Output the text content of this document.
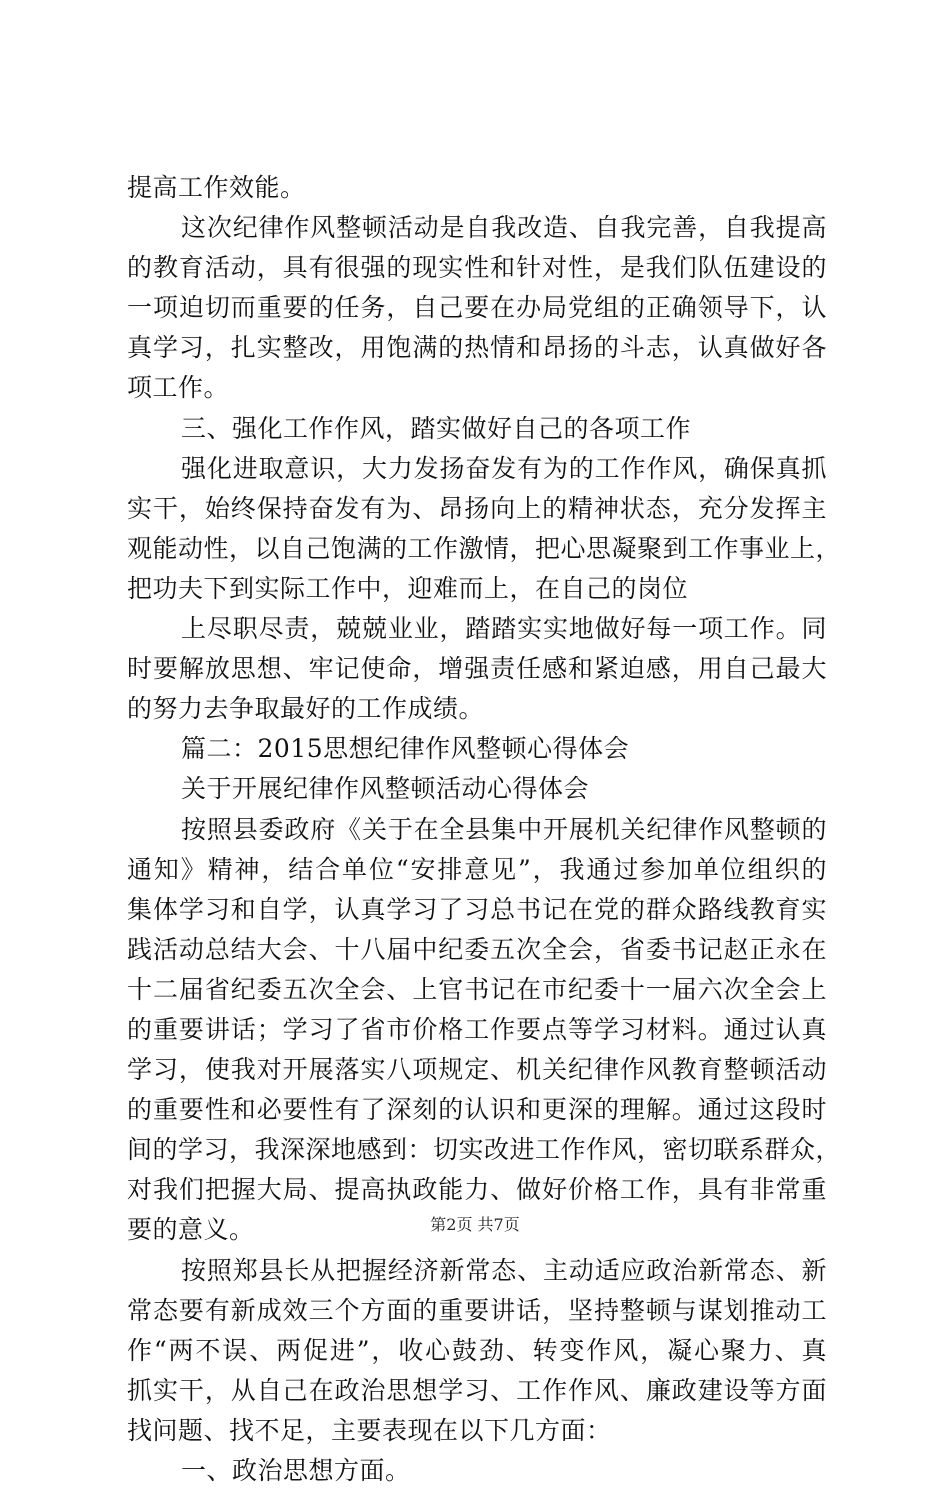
提高工作效能。
这次纪律作风整顿活动是自我改造、自我完善，自我提高
的教育活动，具有很强的现实性和针对性，是我们队伍建设的
一项迫切而重要的任务，自己要在办局党组的正确领导下，认
真学习，扎实整改，用饱满的热情和昂扬的斗志，认真做好各
项工作。
三、强化工作作风，踏实做好自己的各项工作
强化进取意识，大力发扬奋发有为的工作作风，确保真抓
实干，始终保持奋发有为、昂扬向上的精神状态，充分发挥主
观能动性，以自己饱满的工作激情，把心思凝聚到工作事业上，
把功夫下到实际工作中，迎难而上，在自己的岗位
上尽职尽责，兢兢业业，踏踏实实地做好每一项工作。同
时要解放思想、牢记使命，增强责任感和紧迫感，用自己最大
的努力去争取最好的工作成绩。
篇二：2015思想纪律作风整顿心得体会
关于开展纪律作风整顿活动心得体会
按照县委政府《关于在全县集中开展机关纪律作风整顿的
通知》精神，结合单位“安排意见”，我通过参加单位组织的
集体学习和自学，认真学习了习总书记在党的群众路线教育实
践活动总结大会、十八届中纪委五次全会，省委书记赵正永在
十二届省纪委五次全会、上官书记在市纪委十一届六次全会上
的重要讲话；学习了省市价格工作要点等学习材料。通过认真
学习，使我对开展落实八项规定、机关纪律作风教育整顿活动
的重要性和必要性有了深刻的认识和更深的理解。通过这段时
间的学习，我深深地感到：切实改进工作作风，密切联系群众，
对我们把握大局、提高执政能力、做好价格工作，具有非常重
要的意义。
按照郑县长从把握经济新常态、主动适应政治新常态、新
常态要有新成效三个方面的重要讲话，坚持整顿与谋划推动工
作“两不误、两促进”，收心鼓劲、转变作风，凝心聚力、真
抓实干，从自己在政治思想学习、工作作风、廉政建设等方面
找问题、找不足，主要表现在以下几方面：
一、政治思想方面。
第2页 共7页
